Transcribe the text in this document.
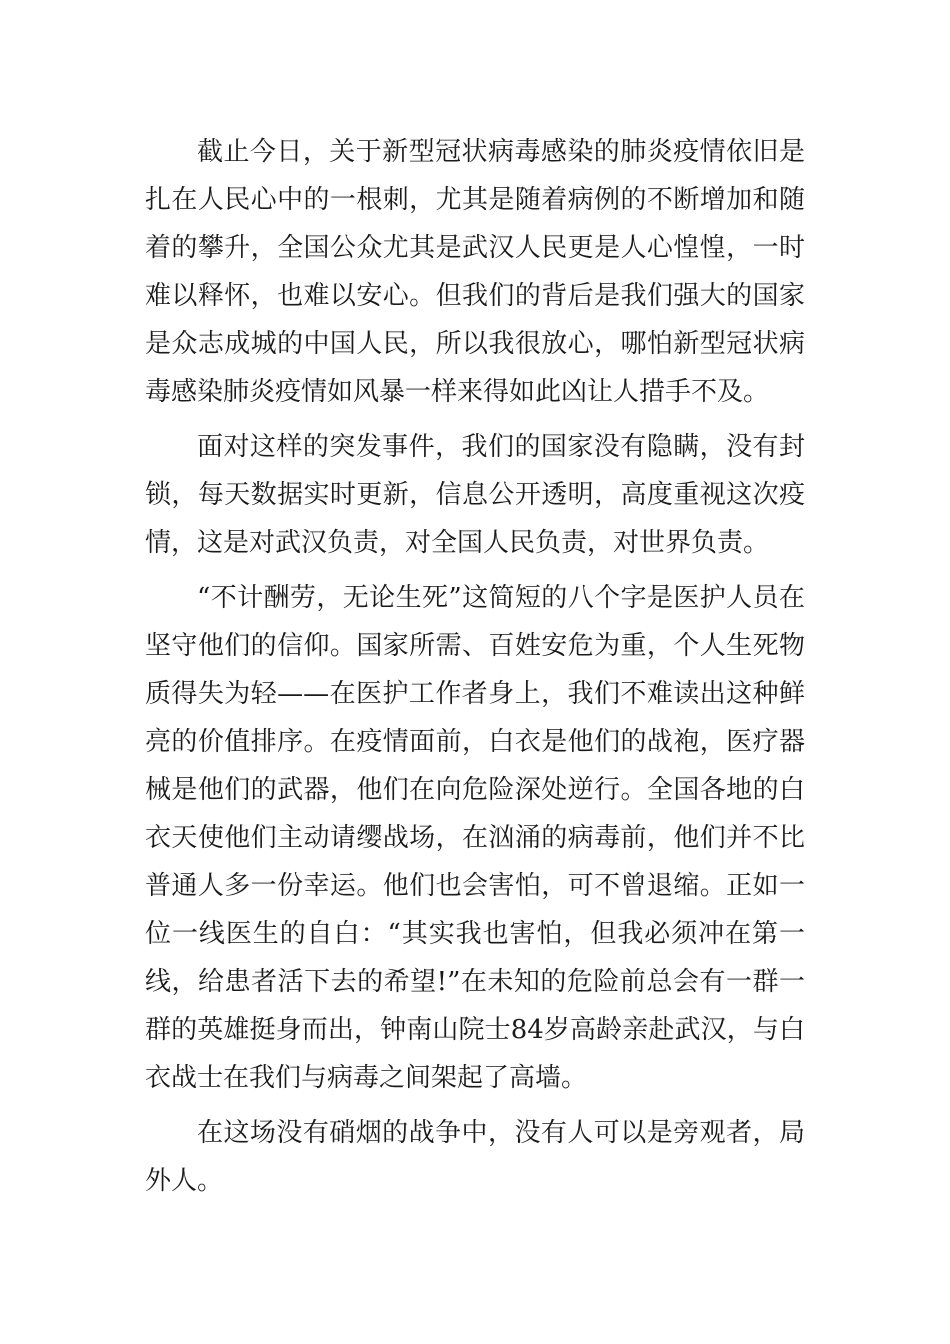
截止今日，关于新型冠状病毒感染的肺炎疫情依旧是扎在人民心中的一根刺，尤其是随着病例的不断增加和随着的攀升，全国公众尤其是武汉人民更是人心惶惶，一时难以释怀，也难以安心。但我们的背后是我们强大的国家是众志成城的中国人民，所以我很放心，哪怕新型冠状病毒感染肺炎疫情如风暴一样来得如此凶让人措手不及。

面对这样的突发事件，我们的国家没有隐瞒，没有封锁，每天数据实时更新，信息公开透明，高度重视这次疫情，这是对武汉负责，对全国人民负责，对世界负责。

“不计酬劳，无论生死”这简短的八个字是医护人员在坚守他们的信仰。国家所需、百姓安危为重，个人生死物质得失为轻——在医护工作者身上，我们不难读出这种鲜亮的价值排序。在疫情面前，白衣是他们的战袍，医疗器械是他们的武器，他们在向危险深处逆行。全国各地的白衣天使他们主动请缨战场，在汹涌的病毒前，他们并不比普通人多一份幸运。他们也会害怕，可不曾退缩。正如一位一线医生的自白：“其实我也害怕，但我必须冲在第一线，给患者活下去的希望!”在未知的危险前总会有一群一群的英雄挺身而出，钟南山院士84岁高龄亲赴武汉，与白衣战士在我们与病毒之间架起了高墙。

在这场没有硝烟的战争中，没有人可以是旁观者，局外人。
